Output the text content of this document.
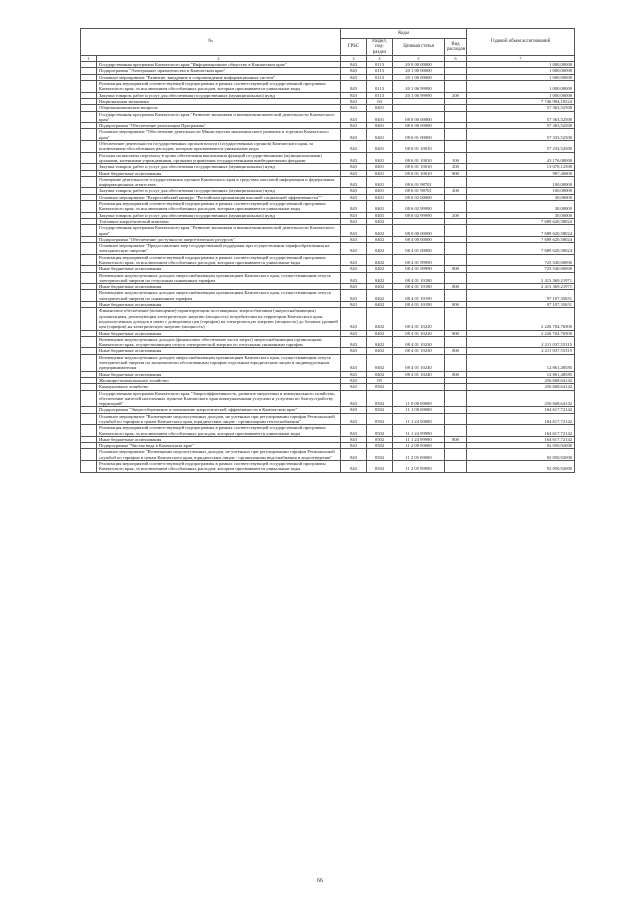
№		Коды				Годовой объем ассигнований
		ГРБС	Раздел, под-раздел	Целевая статья	Вид расходов	
1	2	3	4	5	6	7
	Государственная программа Камчатского края "Информационное общество в Камчатском крае"	843	0113	20 0 00 00000		1 000,00000
	Подпрограмма "Электронное правительство в Камчатском крае"	843	0113	20 1 00 00000		1 000,00000
	Основное мероприятие "Развитие, внедрение и сопровождение информационных систем"	843	0113	20 1 06 00000		1 000,00000
	Реализация мероприятий соответствующей подпрограммы в рамках соответствующей государственной программы Камчатского края, за исключением обособленных расходов, которым присваиваются уникальные коды	843	0113	20 1 06 99990		1 000,00000
	Закупка товаров, работ и услуг для обеспечения государственных (муниципальных) нужд	843	0113	20 1 06 99990	200	1 000,00000
	Национальная экономика	843	04			7 746 984,10524
	Общеэкономические вопросы	843	0401			57 363,52500
	Государственная программа Камчатского края "Развитие экономики и внешнеэкономической деятельности Камчатского края"	843	0401	08 0 00 00000		57 363,52500
	Подпрограмма "Обеспечение реализации Программы"	843	0401	08 6 00 00000		57 363,52500
	Основное мероприятие "Обеспечение деятельности Министерства экономического развития и торговли Камчатского края"	843	0401	08 6 01 00000		57 333,52500
	Обеспечение деятельности государственных органов власти (государственных органов) Камчатского края, за исключением обособленных расходов, которым присваиваются уникальные коды	843	0401	08 6 01 10010		57 233,52500
	Расходы на выплаты персоналу в целях обеспечения выполнения функций государственными (муниципальными) органами, казенными учреждениями, органами управления государственными внебюджетными фондами	843	0401	08 6 01 10010	100	43 176,00000
	Закупка товаров, работ и услуг для обеспечения государственных (муниципальных) нужд	843	0401	08 6 01 10010	200	13 070,12500
	Иные бюджетные ассигнования	843	0401	08 6 01 10010	800	987,40000
	Освещение деятельности государственных органов Камчатского края в средствах массовой информации и федеральных информационных агентствах	843	0401	08 6 01 98701		100,00000
	Закупка товаров, работ и услуг для обеспечения государственных (муниципальных) нужд	843	0401	08 6 01 98701	200	100,00000
	Основное мероприятие "Всероссийский конкурс "Российская организация высокой социальной эффективности""	843	0401	08 6 02 00000		30,00000
	Реализация мероприятий соответствующей подпрограммы в рамках соответствующей государственной программы Камчатского края, за исключением обособленных расходов, которым присваиваются уникальные коды	843	0401	08 6 02 99990		30,00000
	Закупка товаров, работ и услуг для обеспечения государственных (муниципальных) нужд	843	0401	08 6 02 99990	200	30,00000
	Топливно-энергетический комплекс	843	0402			7 689 620,58024
	Государственная программа Камчатского края "Развитие экономики и внешнеэкономической деятельности Камчатского края"	843	0402	08 0 00 00000		7 689 620,58024
	Подпрограмма "Обеспечение доступности энергетических ресурсов"	843	0402	08 4 00 00000		7 689 620,58024
	Основное мероприятие "Предоставление мер государственной поддержки при осуществлении тарифообразования на электрическую энергию"	843	0402	08 4 01 00000		7 689 620,58024
	Реализация мероприятий соответствующей подпрограммы в рамках соответствующей государственной программы Камчатского края, за исключением обособленных расходов, которым присваиваются уникальные коды	843	0402	08 4 01 99990		725 540,00000
	Иные бюджетные ассигнования	843	0402	08 4 01 99990	800	725 540,00000
	Возмещение недополученных доходов энергоснабжающим организациям Камчатского края, осуществляющим отпуск электрической энергии по отпускным сниженным тарифам	843	0402	08 4 01 10180		2 413 369,21971
	Иные бюджетные ассигнования	843	0402	08 4 01 10180	800	2 413 369,21971
	Возмещение недополученных доходов энергоснабжающим организациям Камчатского края, осуществляющим отпуск электрической энергии по сниженным тарифам	843	0402	08 4 01 10190		97 107,35651
	Иные бюджетные ассигнования	843	0402	08 4 01 10190	800	97 107,35651
	Финансовое обеспечение (возмещение) гарантирующим поставщикам, энергосбытовым (энергоснабжающим) организациям, реализующим электрическую энергию (мощность) потребителям на территории Камчатского края, недополученных доходов в связи с доведением цен (тарифов) на электрическую энергию (мощность) до базовых уровней цен (тарифов) на электрическую энергию (мощность)	843	0402	08 4 01 10220		2 226 704,76500
	Иные бюджетные ассигнования	843	0402	08 4 01 10220	800	2 226 704,76500
	Возмещение недополученных доходов (финансовое обеспечение части затрат) энергоснабжающим организациям Камчатского края, осуществляющим отпуск электрической энергии по отпускным сниженным тарифам	843	0402	08 4 01 10230		2 211 037,55315
	Иные бюджетные ассигнования	843	0402	08 4 01 10230	800	2 211 037,55315
	Возмещение недополученных доходов энергоснабжающим организациям Камчатского края, осуществляющим отпуск электрической энергии по экономически обоснованным тарифам отдельным юридическим лицам и индивидуальным предпринимателям	843	0402	08 4 01 10240		12 861,48585
	Иные бюджетные ассигнования	843	0402	08 4 01 10240	800	12 861,48585
	Жилищно-коммунальное хозяйство	843	05			256 668,64142
	Коммунальное хозяйство	843	0502			256 668,64142
	Государственная программа Камчатского края "Энергоэффективность, развитие энергетики и коммунального хозяйства, обеспечение жителей населенных пунктов Камчатского края коммунальными услугами и услугами по благоустройству территорий"	843	0502	11 0 00 00000		256 668,64142
	Подпрограмма "Энергосбережение и повышение энергетической эффективности в Камчатском крае"	843	0502	11 1 00 00000		164 617,72142
	Основное мероприятие "Возмещение недополученных доходов, не учтенных при регулировании тарифов Региональной службой по тарифам и ценам Камчатского края, юридическим лицам - организациям теплоснабжения"	843	0502	11 1 24 00000		164 617,72142
	Реализация мероприятий соответствующей подпрограммы в рамках соответствующей государственной программы Камчатского края, за исключением обособленных расходов, которым присваиваются уникальные коды	843	0502	11 1 24 99990		164 617,72142
	Иные бюджетные ассигнования	843	0502	11 1 24 99990	800	164 617,72142
	Подпрограмма "Чистая вода в Камчатском крае"	843	0502	11 2 00 00000		92 050,92000
	Основное мероприятие "Возмещение недополученных доходов, не учтенных при регулировании тарифов Региональной службой по тарифам и ценам Камчатского края, юридическим лицам - организациям водоснабжения и водоотведения"	843	0502	11 2 05 00000		92 050,92000
	Реализация мероприятий соответствующей подпрограммы в рамках соответствующей государственной программы Камчатского края, за исключением обособленных расходов, которым присваиваются уникальные коды	843	0502	11 2 05 99990		92 050,92000
66
